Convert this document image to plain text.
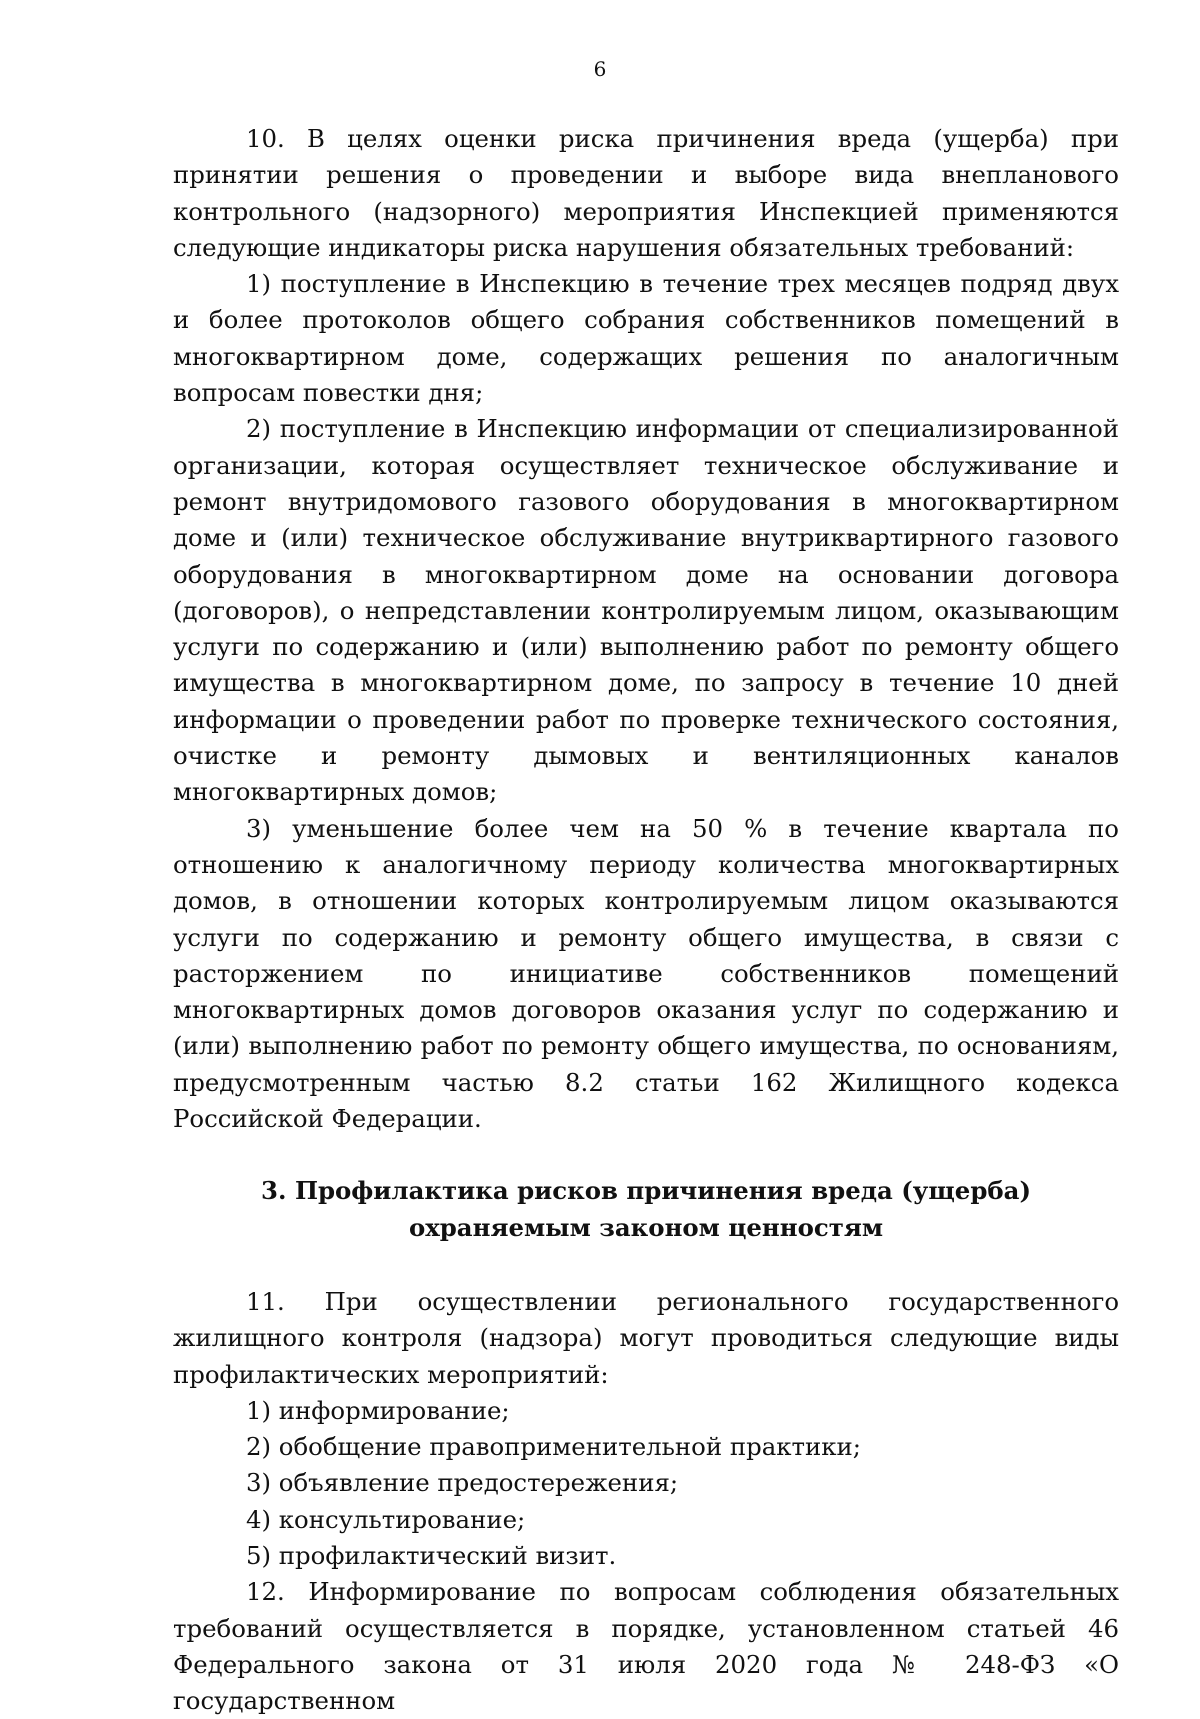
6

10. В целях оценки риска причинения вреда (ущерба) при принятии решения о проведении и выборе вида внепланового контрольного (надзорного) мероприятия Инспекцией применяются следующие индикаторы риска нарушения обязательных требований:

1) поступление в Инспекцию в течение трех месяцев подряд двух и более протоколов общего собрания собственников помещений в многоквартирном доме, содержащих решения по аналогичным вопросам повестки дня;

2) поступление в Инспекцию информации от специализированной организации, которая осуществляет техническое обслуживание и ремонт внутридомового газового оборудования в многоквартирном доме и (или) техническое обслуживание внутриквартирного газового оборудования в многоквартирном доме на основании договора (договоров), о непредставлении контролируемым лицом, оказывающим услуги по содержанию и (или) выполнению работ по ремонту общего имущества в многоквартирном доме, по запросу в течение 10 дней информации о проведении работ по проверке технического состояния, очистке и ремонту дымовых и вентиляционных каналов многоквартирных домов;

3) уменьшение более чем на 50 % в течение квартала по отношению к аналогичному периоду количества многоквартирных домов, в отношении которых контролируемым лицом оказываются услуги по содержанию и ремонту общего имущества, в связи с расторжением по инициативе собственников помещений многоквартирных домов договоров оказания услуг по содержанию и (или) выполнению работ по ремонту общего имущества, по основаниям, предусмотренным частью 8.2 статьи 162 Жилищного кодекса Российской Федерации.

3. Профилактика рисков причинения вреда (ущерба)
охраняемым законом ценностям

11. При осуществлении регионального государственного жилищного контроля (надзора) могут проводиться следующие виды профилактических мероприятий:

1) информирование;

2) обобщение правоприменительной практики;

3) объявление предостережения;

4) консультирование;

5) профилактический визит.

12. Информирование по вопросам соблюдения обязательных требований осуществляется в порядке, установленном статьей 46 Федерального закона от 31 июля 2020 года № 248-ФЗ «О государственном
